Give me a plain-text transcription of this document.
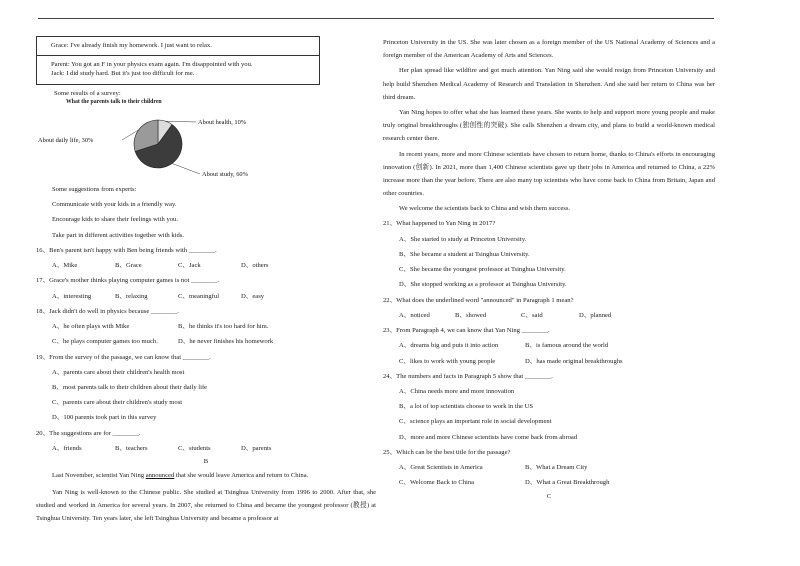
Grace: I've already finish my homework. I just want to relax.
Parent: You got an F in your physics exam again. I'm disappointed with you.
Jack: I did study hard. But it's just too difficult for me.
Some results of a survey:
What the parents talk to their children
About health, 10%
About daily life, 30%
About study, 60%
Some suggestions from experts:
Communicate with your kids in a friendly way.
Encourage kids to share their feelings with you.
Take part in different activities together with kids.
16、Ben's parent isn't happy with Ben being friends with ________.
A、Mike	B、Grace	C、Jack	D、others
17、Grace's mother thinks playing computer games is not ________.
A、interesting	B、relaxing	C、meaningful	D、easy
18、Jack didn't do well in physics because ________.
A、he often plays with Mike	B、he thinks it's too hard for him.
C、he plays computer games too much.	D、he never finishes his homework
19、From the survey of the passage, we can know that ________.
A、parents care about their children's health most
B、most parents talk to their children about their daily life
C、parents care about their children's study most
D、100 parents took part in this survey
20、The suggestions are for ________.
A、friends	B、teachers	C、students	D、parents
B
Last November, scientist Yan Ning announced that she would leave America and return to China.
Yan Ning is well-known to the Chinese public. She studied at Tsinghua University from 1996 to 2000. After that, she studied and worked in America for several years. In 2007, she returned to China and became the youngest professor (教授) at Tsinghua University. Ten years later, she left Tsinghua University and became a professor at
Princeton University in the US. She was later chosen as a foreign member of the US National Academy of Sciences and a foreign member of the American Academy of Arts and Sciences.
Her plan spread like wildfire and got much attention. Yan Ning said she would resign from Princeton University and help build Shenzhen Medical Academy of Research and Translation in Shenzhen. And she said her return to China was her third dream.
Yan Ning hopes to offer what she has learned these years. She wants to help and support more young people and make truly original breakthroughs (独创性的突破). She calls Shenzhen a dream city, and plans to build a world-known medical research center there.
In recent years, more and more Chinese scientists have chosen to return home, thanks to China's efforts in encouraging innovation (创新). In 2021, more than 1,400 Chinese scientists gave up their jobs in America and returned to China, a 22% increase more than the year before. There are also many top scientists who have come back to China from Britain, Japan and other countries.
We welcome the scientists back to China and wish them success.
21、What happened to Yan Ning in 2017?
A、She started to study at Princeton University.
B、She became a student at Tsinghua University.
C、She became the youngest professor at Tsinghua University.
D、She stopped working as a professor at Tsinghua University.
22、What does the underlined word "announced" in Paragraph 1 mean?
A、noticed	B、showed	C、said	D、planned
23、From Paragraph 4, we can know that Yan Ning ________.
A、dreams big and puts it into action	B、is famous around the world
C、likes to work with young people	D、has made original breakthroughs
24、The numbers and facts in Paragraph 5 show that ________.
A、China needs more and more innovation
B、a lot of top scientists choose to work in the US
C、science plays an important role in social development
D、more and more Chinese scientists have come back from abroad
25、Which can be the best title for the passage?
A、Great Scientists in America	B、What a Dream City
C、Welcome Back to China	D、What a Great Breakthrough
C
